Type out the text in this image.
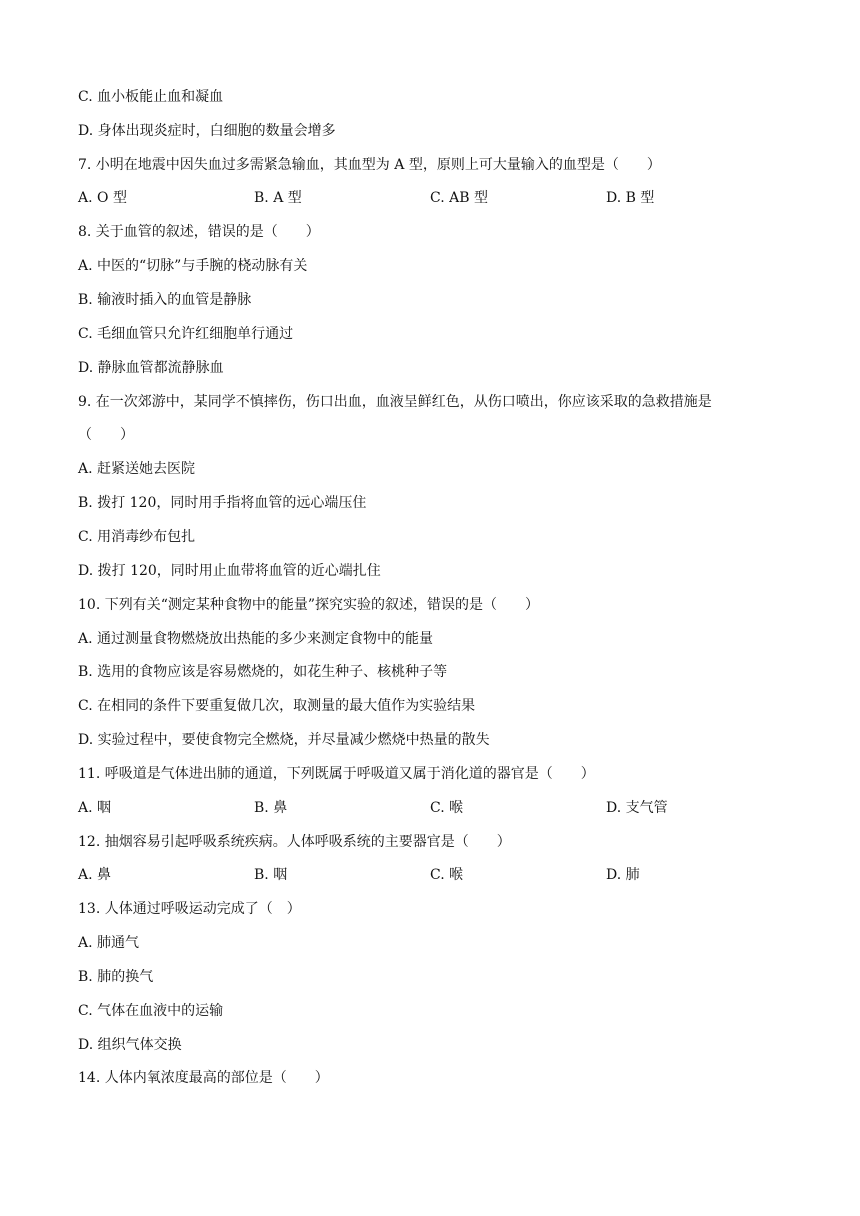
C. 血小板能止血和凝血
D. 身体出现炎症时，白细胞的数量会增多
7. 小明在地震中因失血过多需紧急输血，其血型为 A 型，原则上可大量输入的血型是（　　）
A. O 型	B. A 型	C. AB 型	D. B 型
8. 关于血管的叙述，错误的是（　　）
A. 中医的“切脉”与手腕的桡动脉有关
B. 输液时插入的血管是静脉
C. 毛细血管只允许红细胞单行通过
D. 静脉血管都流静脉血
9. 在一次郊游中，某同学不慎摔伤，伤口出血，血液呈鲜红色，从伤口喷出，你应该采取的急救措施是
（　　）
A. 赶紧送她去医院
B. 拨打 120，同时用手指将血管的远心端压住
C. 用消毒纱布包扎
D. 拨打 120，同时用止血带将血管的近心端扎住
10. 下列有关“测定某种食物中的能量”探究实验的叙述，错误的是（　　）
A. 通过测量食物燃烧放出热能的多少来测定食物中的能量
B. 选用的食物应该是容易燃烧的，如花生种子、核桃种子等
C. 在相同的条件下要重复做几次，取测量的最大值作为实验结果
D. 实验过程中，要使食物完全燃烧，并尽量减少燃烧中热量的散失
11. 呼吸道是气体进出肺的通道，下列既属于呼吸道又属于消化道的器官是（　　）
A. 咽	B. 鼻	C. 喉	D. 支气管
12. 抽烟容易引起呼吸系统疾病。人体呼吸系统的主要器官是（　　）
A. 鼻	B. 咽	C. 喉	D. 肺
13. 人体通过呼吸运动完成了（　）
A. 肺通气
B. 肺的换气
C. 气体在血液中的运输
D. 组织气体交换
14. 人体内氧浓度最高的部位是（　　）
